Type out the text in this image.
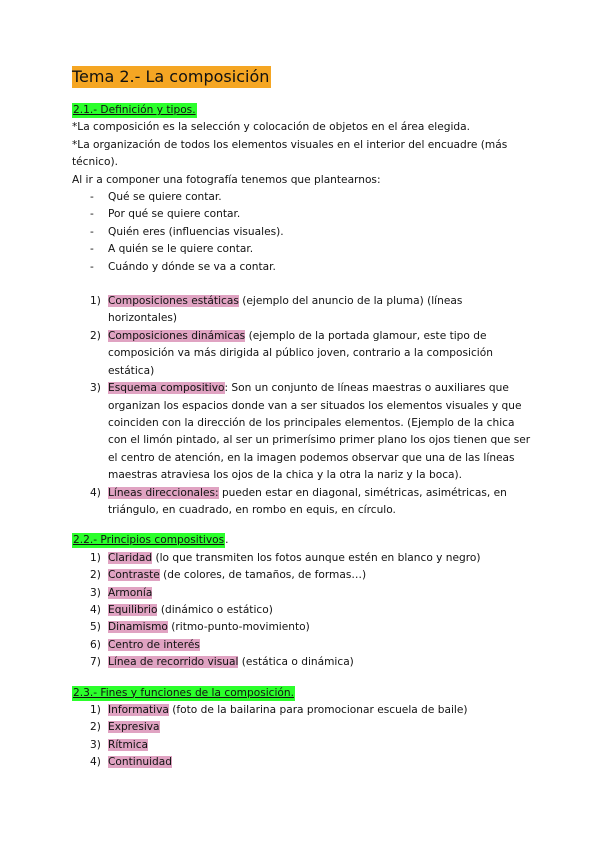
Tema 2.- La composición
2.1.- Definición y tipos.

*La composición es la selección y colocación de objetos en el área elegida.

*La organización de todos los elementos visuales en el interior del encuadre (más técnico).

Al ir a componer una fotografía tenemos que plantearnos:

- Qué se quiere contar.
- Por qué se quiere contar.
- Quién eres (influencias visuales).
- A quién se le quiere contar.
- Cuándo y dónde se va a contar.
1) Composiciones estáticas (ejemplo del anuncio de la pluma) (líneas horizontales)
2) Composiciones dinámicas (ejemplo de la portada glamour, este tipo de composición va más dirigida al público joven, contrario a la composición estática)
3) Esquema compositivo: Son un conjunto de líneas maestras o auxiliares que organizan los espacios donde van a ser situados los elementos visuales y que coinciden con la dirección de los principales elementos. (Ejemplo de la chica con el limón pintado, al ser un primerísimo primer plano los ojos tienen que ser el centro de atención, en la imagen podemos observar que una de las líneas maestras atraviesa los ojos de la chica y la otra la nariz y la boca).
4) Líneas direccionales: pueden estar en diagonal, simétricas, asimétricas, en triángulo, en cuadrado, en rombo en equis, en círculo.
2.2.- Principios compositivos.
1) Claridad (lo que transmiten los fotos aunque estén en blanco y negro)
2) Contraste (de colores, de tamaños, de formas…)
3) Armonía
4) Equilibrio (dinámico o estático)
5) Dinamismo (ritmo-punto-movimiento)
6) Centro de interés
7) Línea de recorrido visual (estática o dinámica)
2.3.- Fines y funciones de la composición.
1) Informativa (foto de la bailarina para promocionar escuela de baile)
2) Expresiva
3) Rítmica
4) Continuidad
